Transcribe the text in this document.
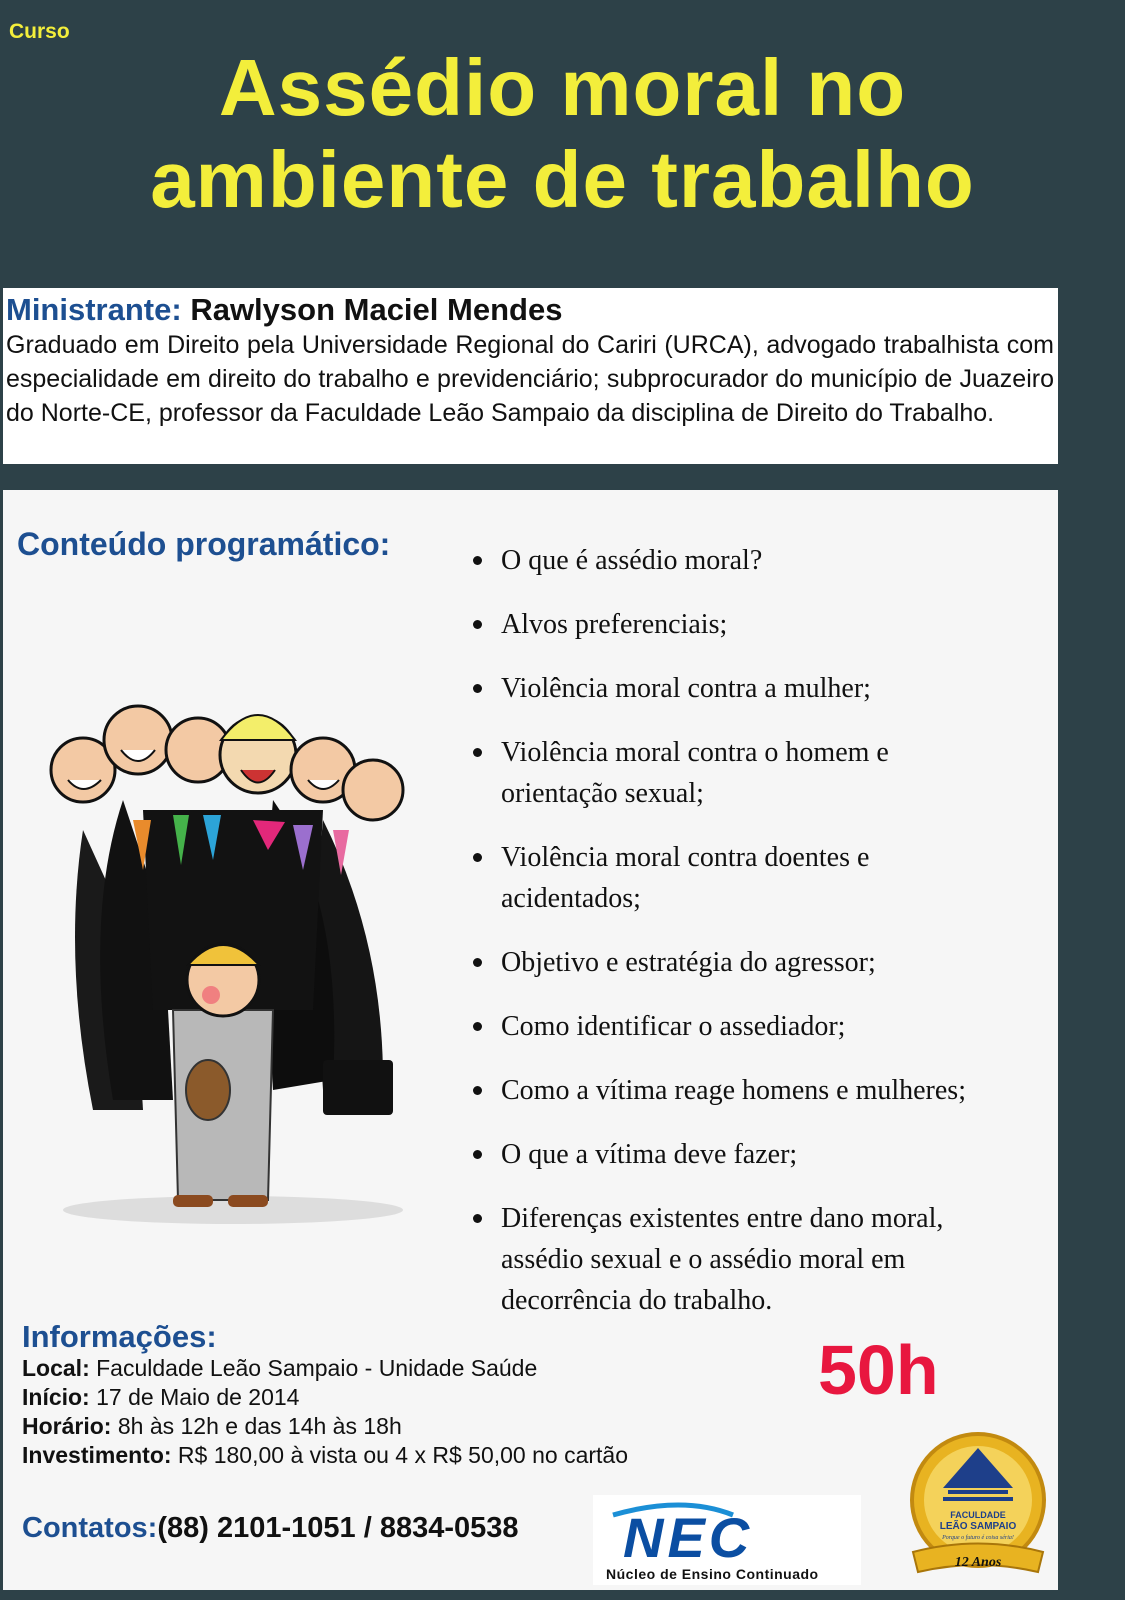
Curso
Assédio moral no
ambiente de trabalho
Ministrante: Rawlyson Maciel Mendes

Graduado em Direito pela Universidade Regional do Cariri (URCA), advogado trabalhista com especialidade em direito do trabalho e previdenciário; subprocurador do município de Juazeiro do Norte-CE, professor da Faculdade Leão Sampaio da disciplina de Direito do Trabalho.

Conteúdo programático:	O que é assédio moral?
Alvos preferenciais;
Violência moral contra a mulher;
Violência moral contra o homem e orientação sexual;
Violência moral contra doentes e acidentados;
Objetivo e estratégia do agressor;
Como identificar o assediador;
Como a vítima reage homens e mulheres;
O que a vítima deve fazer;
Diferenças existentes entre dano moral, assédio sexual e o assédio moral em decorrência do trabalho.
Informações:
Local: Faculdade Leão Sampaio - Unidade Saúde
Início: 17 de Maio de 2014
Horário: 8h às 12h e das 14h às 18h
Investimento: R$ 180,00 à vista ou 4 x R$ 50,00 no cartão
50h
Contatos:(88) 2101-1051 / 8834-0538 NEC
Núcleo de Ensino Continuado
FACULDADE
LEÃO SAMPAIO
Porque o futuro é coisa séria!
12 Anos
